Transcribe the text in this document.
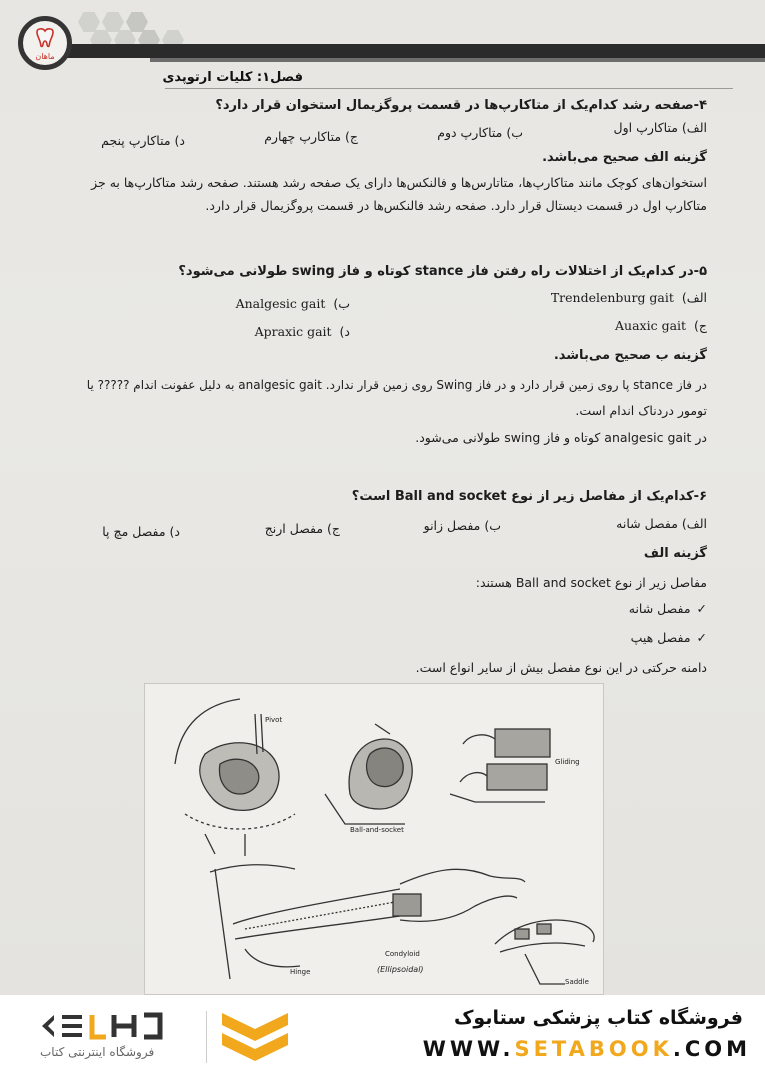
ماهان
فصل۱: کلیات ارتوپدی
۴-صفحه رشد کدام‌یک از متاکارپ‌ها در قسمت پروگزیمال استخوان قرار دارد؟
الف) متاکارپ اول
ب) متاکارپ دوم
ج) متاکارپ چهارم
د) متاکارپ پنجم
گزینه الف صحیح می‌باشد.
استخوان‌های کوچک مانند متاکارپ‌ها، متاتارس‌ها و فالنکس‌ها دارای یک صفحه رشد هستند. صفحه رشد متاکارپ‌ها به جز
متاکارپ اول در قسمت دیستال قرار دارد. صفحه رشد فالنکس‌ها در قسمت پروگزیمال قرار دارد.
۵-در کدام‌یک از اختلالات راه رفتن فاز stance کوتاه و فاز swing طولانی می‌شود؟
الف) Trendelenburg gait
ب) Analgesic gait
ج) Auaxic gait
د) Apraxic gait
گزینه ب صحیح می‌باشد.
در فاز stance پا روی زمین قرار دارد و در فاز Swing روی زمین قرار ندارد. analgesic gait به دلیل عفونت اندام ????? یا
تومور دردناک اندام است.
در analgesic gait کوتاه و فاز swing طولانی می‌شود.
۶-کدام‌یک از مفاصل زیر از نوع Ball and socket است؟
الف) مفصل شانه
ب) مفصل زانو
ج) مفصل ارنج
د) مفصل مچ پا
گزینه الف
مفاصل زیر از نوع Ball and socket هستند:
✓مفصل شانه
✓مفصل هیپ
دامنه حرکتی در این نوع مفصل بیش از سایر انواع است.
Pivot
Ball-and-socket
Gliding
Hinge
Condyloid
(Ellipsoidal)
Saddle
فروشگاه اینترنتی کتاب
فروشگاه کتاب پزشکی ستابوک
WWW.SETABOOK.COM
